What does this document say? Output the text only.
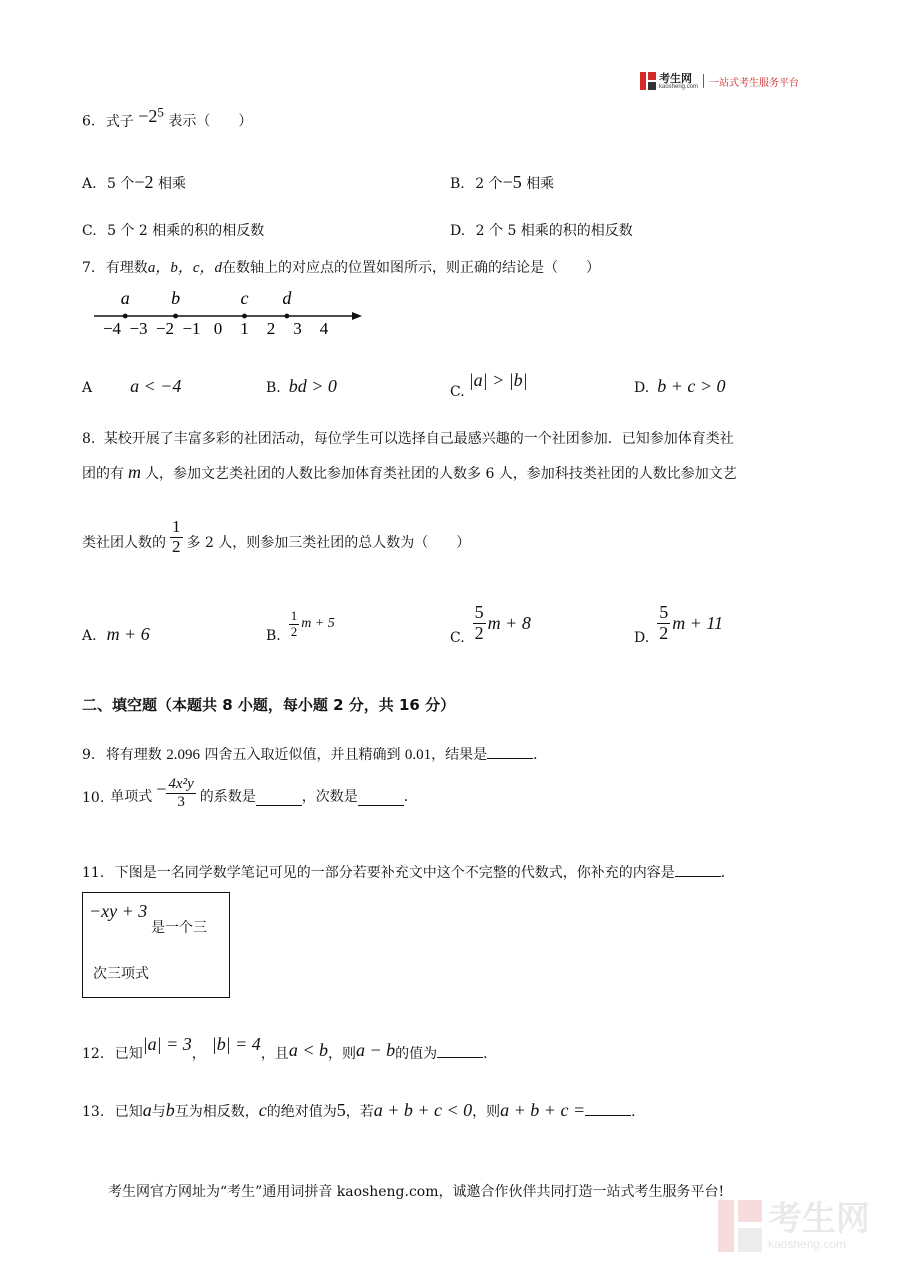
考生网
kaosheng.com 一站式考生服务平台
6. 式子 $-2^5$ 表示（　　）
A. 5 个−2 相乘	B. 2 个−5 相乘
C. 5 个 2 相乘的积的相反数	D. 2 个 5 相乘的积的相反数
7. 有理数a，b，c，d在数轴上的对应点的位置如图所示，则正确的结论是（　　）
−4 −3 −2 −1 0 1 2 3 4
a b	c d
A a < −4	B. bd > 0	C.|a| > |b|	D. b + c > 0
8. 某校开展了丰富多彩的社团活动，每位学生可以选择自己最感兴趣的一个社团参加．已知参加体育类社
团的有 m 人，参加文艺类社团的人数比参加体育类社团的人数多 6 人，参加科技类社团的人数比参加文艺
类社团人数的 $\frac{1}{2}$ 多 2 人，则参加三类社团的总人数为（　　）
A. m + 6	B. $\frac{1}{2}$ m + 5
C. $\frac{5}{2}$ m + 8
D. $\frac{5}{2}$ m + 11
二、填空题（本题共 8 小题，每小题 2 分，共 16 分）
9. 将有理数 2.096 四舍五入取近似值，并且精确到 0.01，结果是	．
10. 单项式 − $\frac{\text{4x²y}}{3}$ 的系数是	，次数是	．
11. 下图是一名同学数学笔记可见的一部分若要补充文中这个不完整的代数式，你补充的内容是	．
−xy + 3
是一个三
次三项式
12. 已知|a| = 3， |b| = 4，且a < b，则a − b的值为	．
13. 已知a与b互为相反数，c的绝对值为5，若a + b + c < 0，则a + b + c =	．
考生网官方网址为“考生”通用词拼音 kaosheng.com，诚邀合作伙伴共同打造一站式考生服务平台!
考生网
kaosheng.com
